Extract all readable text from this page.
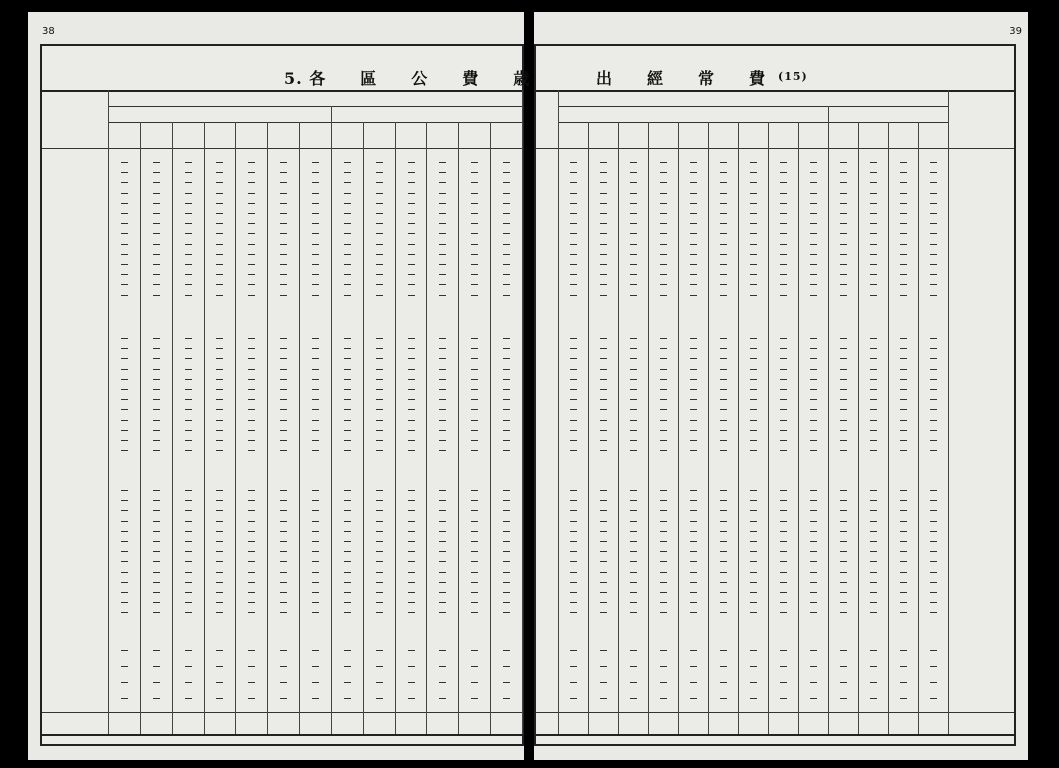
38
5. 各　　區　　公　　費　　歳
39
出　　經　　常　　費 (15)
